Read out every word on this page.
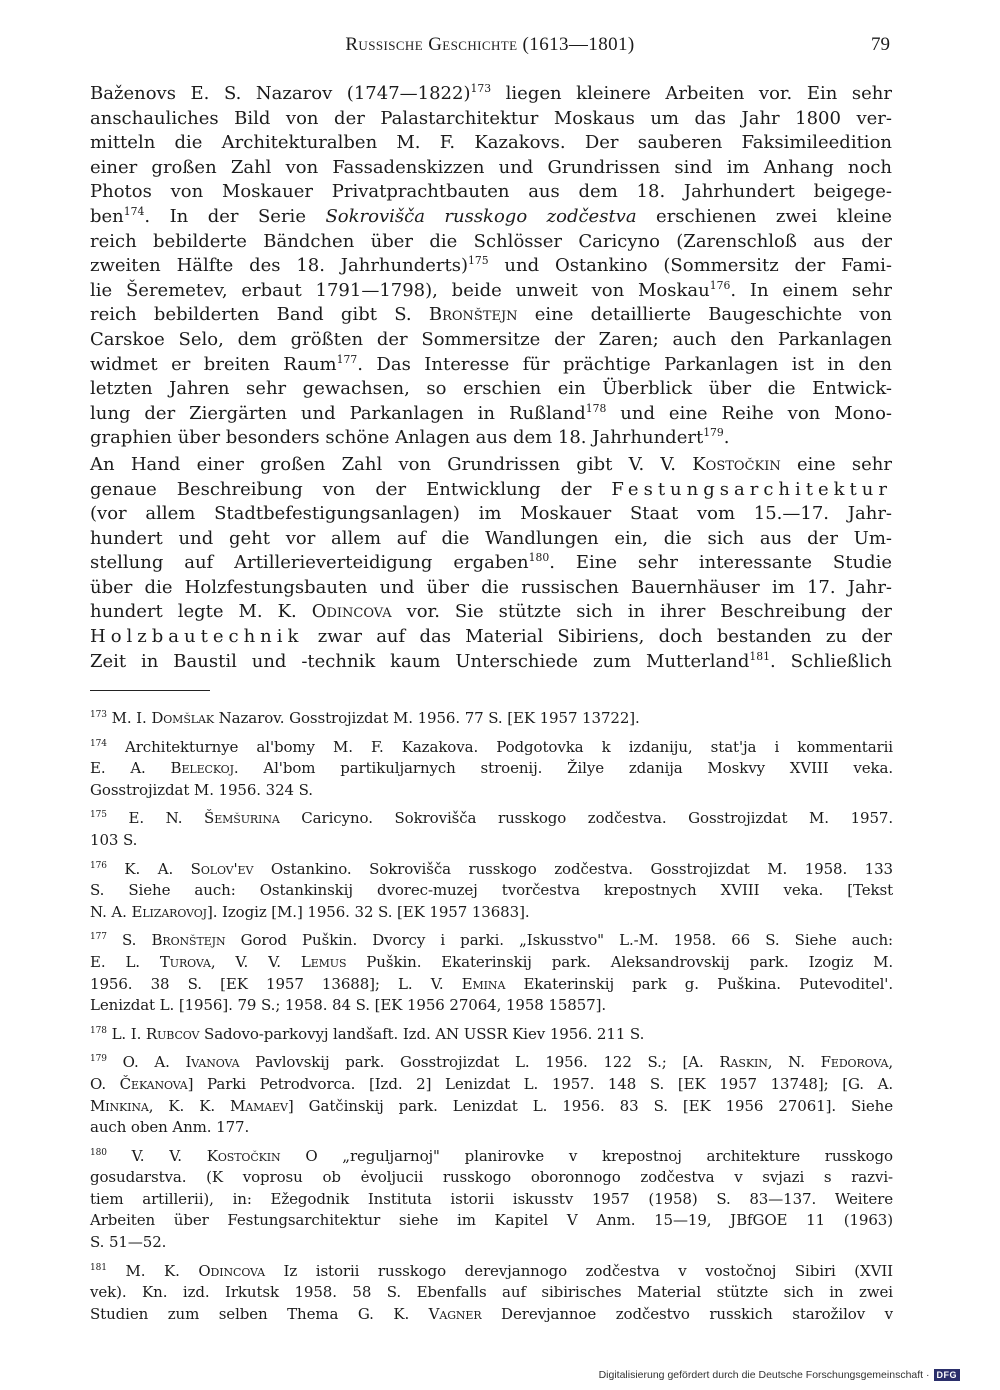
Russische Geschichte (1613—1801)	79
Baženovs E. S. Nazarov (1747—1822)$^{173}$ liegen kleinere Arbeiten vor. Ein sehr
anschauliches Bild von der Palastarchitektur Moskaus um das Jahr 1800 ver-
mitteln die Architekturalben M. F. Kazakovs. Der sauberen Faksimileedition
einer großen Zahl von Fassadenskizzen und Grundrissen sind im Anhang noch
Photos von Moskauer Privatprachtbauten aus dem 18. Jahrhundert beigege-
ben$^{174}$. In der Serie Sokrovišča russkogo zodčestva erschienen zwei kleine
reich bebilderte Bändchen über die Schlösser Caricyno (Zarenschloß aus der
zweiten Hälfte des 18. Jahrhunderts)$^{175}$ und Ostankino (Sommersitz der Fami-
lie Šeremetev, erbaut 1791—1798), beide unweit von Moskau$^{176}$. In einem sehr
reich bebilderten Band gibt S. Bronštejn eine detaillierte Baugeschichte von
Carskoe Selo, dem größten der Sommersitze der Zaren; auch den Parkanlagen
widmet er breiten Raum$^{177}$. Das Interesse für prächtige Parkanlagen ist in den
letzten Jahren sehr gewachsen, so erschien ein Überblick über die Entwick-
lung der Ziergärten und Parkanlagen in Rußland$^{178}$ und eine Reihe von Mono-
graphien über besonders schöne Anlagen aus dem 18. Jahrhundert$^{179}$.
An Hand einer großen Zahl von Grundrissen gibt V. V. Kostočkin eine sehr
genaue Beschreibung von der Entwicklung der Festungsarchitektur
(vor allem Stadtbefestigungsanlagen) im Moskauer Staat vom 15.—17. Jahr-
hundert und geht vor allem auf die Wandlungen ein, die sich aus der Um-
stellung auf Artillerieverteidigung ergaben$^{180}$. Eine sehr interessante Studie
über die Holzfestungsbauten und über die russischen Bauernhäuser im 17. Jahr-
hundert legte M. K. Odincova vor. Sie stützte sich in ihrer Beschreibung der
Holzbautechnik zwar auf das Material Sibiriens, doch bestanden zu der
Zeit in Baustil und -technik kaum Unterschiede zum Mutterland$^{181}$. Schließlich
$^{173}$ M. I. Domšlak Nazarov. Gosstrojizdat M. 1956. 77 S. [EK 1957 13722].
$^{174}$ Architekturnye al'bomy M. F. Kazakova. Podgotovka k izdaniju, stat'ja i kommentarii
E. A. Beleckoj. Al'bom partikuljarnych stroenij. Žilye zdanija Moskvy XVIII veka.
Gosstrojizdat M. 1956. 324 S.
$^{175}$ E. N. Šemšurina Caricyno. Sokrovišča russkogo zodčestva. Gosstrojizdat M. 1957.
103 S.
$^{176}$ K. A. Solov'ev Ostankino. Sokrovišča russkogo zodčestva. Gosstrojizdat M. 1958. 133
S. Siehe auch: Ostankinskij dvorec-muzej tvorčestva krepostnych XVIII veka. [Tekst
N. A. Elizarovoj]. Izogiz [M.] 1956. 32 S. [EK 1957 13683].
$^{177}$ S. Bronštejn Gorod Puškin. Dvorcy i parki. „Iskusstvo" L.-M. 1958. 66 S. Siehe auch:
E. L. Turova, V. V. Lemus Puškin. Ekaterinskij park. Aleksandrovskij park. Izogiz M.
1956. 38 S. [EK 1957 13688]; L. V. Emina Ekaterinskij park g. Puškina. Putevoditel'.
Lenizdat L. [1956]. 79 S.; 1958. 84 S. [EK 1956 27064, 1958 15857].
$^{178}$ L. I. Rubcov Sadovo-parkovyj landšaft. Izd. AN USSR Kiev 1956. 211 S.
$^{179}$ O. A. Ivanova Pavlovskij park. Gosstrojizdat L. 1956. 122 S.; [A. Raskin, N. Fedorova,
O. Čekanova] Parki Petrodvorca. [Izd. 2] Lenizdat L. 1957. 148 S. [EK 1957 13748]; [G. A.
Minkina, K. K. Mamaev] Gatčinskij park. Lenizdat L. 1956. 83 S. [EK 1956 27061]. Siehe
auch oben Anm. 177.
$^{180}$ V. V. Kostočkin O „reguljarnoj" planirovke v krepostnoj architekture russkogo
gosudarstva. (K voprosu ob ėvoljucii russkogo oboronnogo zodčestva v svjazi s razvi-
tiem artillerii), in: Ežegodnik Instituta istorii iskusstv 1957 (1958) S. 83—137. Weitere
Arbeiten über Festungsarchitektur siehe im Kapitel V Anm. 15—19, JBfGOE 11 (1963)
S. 51—52.
$^{181}$ M. K. Odincova Iz istorii russkogo derevjannogo zodčestva v vostočnoj Sibiri (XVII
vek). Kn. izd. Irkutsk 1958. 58 S. Ebenfalls auf sibirisches Material stützte sich in zwei
Studien zum selben Thema G. K. Vagner Derevjannoe zodčestvo russkich starožilov v
Digitalisierung gefördert durch die Deutsche Forschungsgemeinschaft · DFG
